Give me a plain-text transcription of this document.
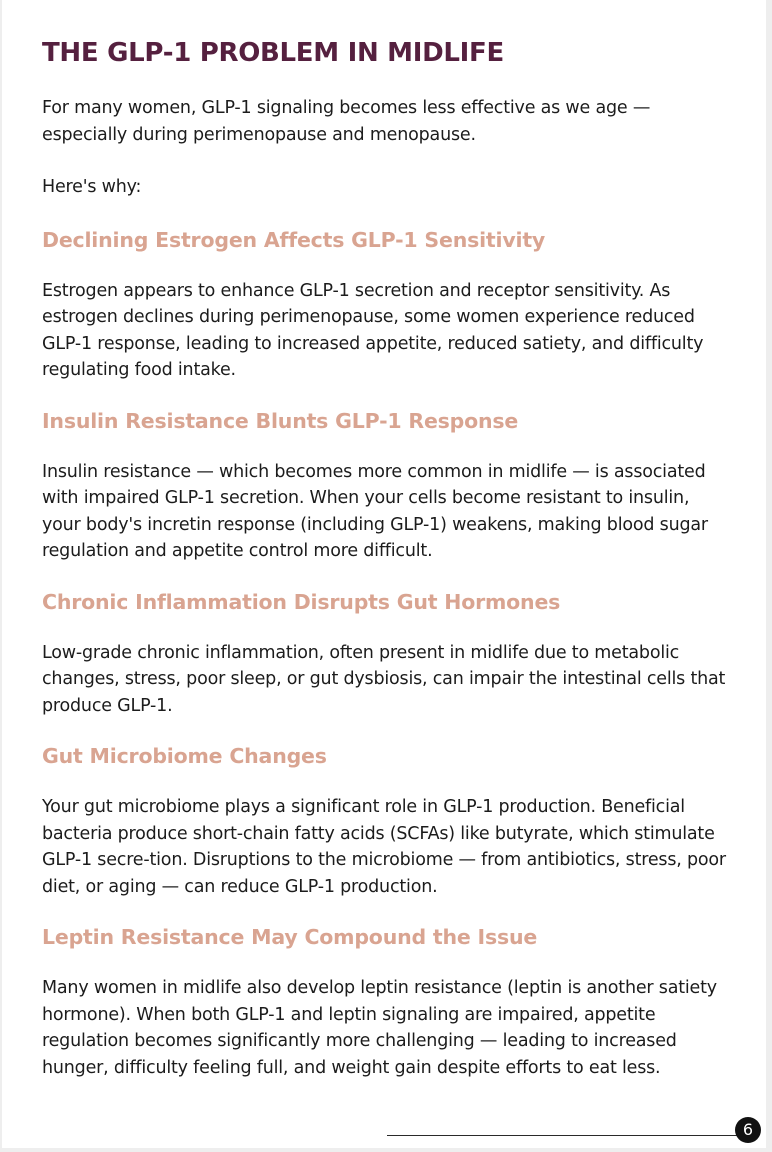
THE GLP-1 PROBLEM IN MIDLIFE

For many women, GLP-1 signaling becomes less effective as we age — especially during perimenopause and menopause.

Here's why:

Declining Estrogen Affects GLP-1 Sensitivity

Estrogen appears to enhance GLP-1 secretion and receptor sensitivity. As estrogen declines during perimenopause, some women experience reduced GLP-1 response, leading to increased appetite, reduced satiety, and difficulty regulating food intake.

Insulin Resistance Blunts GLP-1 Response

Insulin resistance — which becomes more common in midlife — is associated with impaired GLP-1 secretion. When your cells become resistant to insulin, your body's incretin response (including GLP-1) weakens, making blood sugar regulation and appetite control more difficult.

Chronic Inflammation Disrupts Gut Hormones

Low-grade chronic inflammation, often present in midlife due to metabolic changes, stress, poor sleep, or gut dysbiosis, can impair the intestinal cells that produce GLP-1.

Gut Microbiome Changes

Your gut microbiome plays a significant role in GLP-1 production. Beneficial bacteria produce short-chain fatty acids (SCFAs) like butyrate, which stimulate GLP-1 secre-tion. Disruptions to the microbiome — from antibiotics, stress, poor diet, or aging — can reduce GLP-1 production.

Leptin Resistance May Compound the Issue

Many women in midlife also develop leptin resistance (leptin is another satiety hormone). When both GLP-1 and leptin signaling are impaired, appetite regulation becomes significantly more challenging — leading to increased hunger, difficulty feeling full, and weight gain despite efforts to eat less.

6
